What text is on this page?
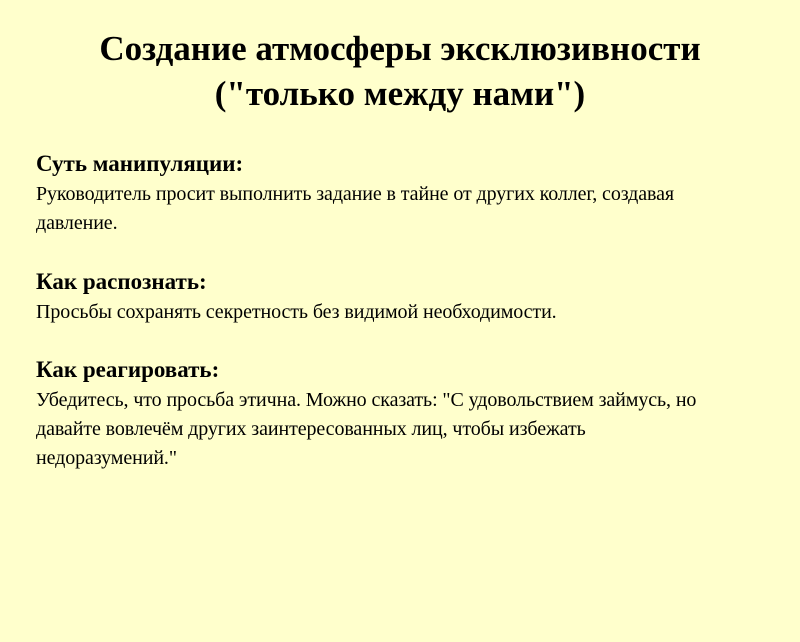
Создание атмосферы эксклюзивности
("только между нами")

Суть манипуляции:

Руководитель просит выполнить задание в тайне от других коллег, создавая давление.

Как распознать:

Просьбы сохранять секретность без видимой необходимости.

Как реагировать:

Убедитесь, что просьба этична. Можно сказать: "С удовольствием займусь, но давайте вовлечём других заинтересованных лиц, чтобы избежать недоразумений."
